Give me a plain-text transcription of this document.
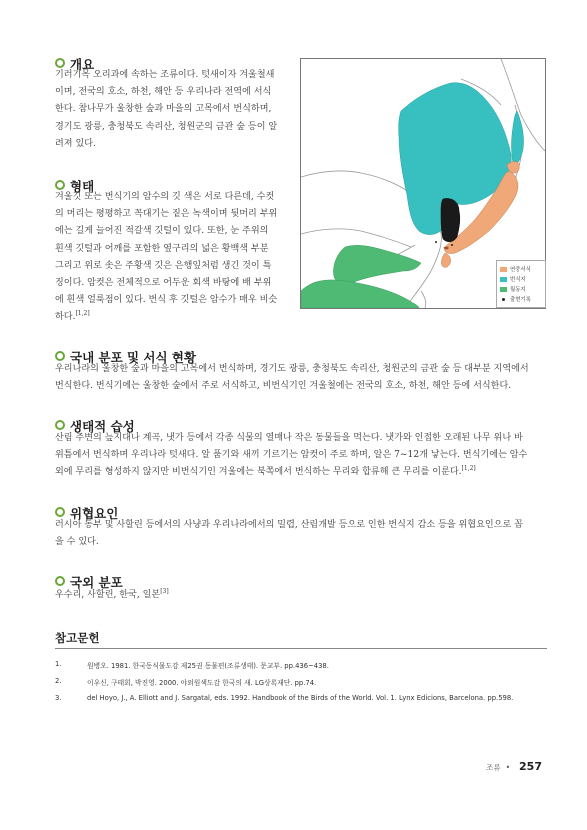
개요
기러기목 오리과에 속하는 조류이다. 텃새이자 겨울철새
이며, 전국의 호소, 하천, 해안 등 우리나라 전역에 서식
한다. 참나무가 울창한 숲과 마을의 고목에서 번식하며,
경기도 광릉, 충청북도 속리산, 청원군의 금관 숲 등이 알
려져 있다.
형태
겨울깃 또는 번식기의 암수의 깃 색은 서로 다른데, 수컷
의 머리는 평평하고 꼭대기는 짙은 녹색이며 뒷머리 부위
에는 길게 늘어진 적갈색 깃털이 있다. 또한, 눈 주위의
흰색 깃털과 어깨를 포함한 옆구리의 넓은 황백색 부분
그리고 위로 솟은 주황색 깃은 은행잎처럼 생긴 것이 특
징이다. 암컷은 전체적으로 어두운 회색 바탕에 배 부위
에 흰색 얼룩점이 있다. 번식 후 깃털은 암수가 매우 비슷
하다.[1,2]
연중서식
번식지
월동지
출현기록
국내 분포 및 서식 현황
우리나라의 울창한 숲과 마을의 고목에서 번식하며, 경기도 광릉, 충청북도 속리산, 청원군의 금관 숲 등 대부분 지역에서
번식한다. 번식기에는 울창한 숲에서 주로 서식하고, 비번식기인 겨울철에는 전국의 호소, 하천, 해안 등에 서식한다.
생태적 습성
산림 주변의 늪지대나 계곡, 냇가 등에서 각종 식물의 열매나 작은 동물들을 먹는다. 냇가와 인접한 오래된 나무 위나 바
위틈에서 번식하며 우리나라 텃새다. 알 품기와 새끼 기르기는 암컷이 주로 하며, 알은 7~12개 낳는다. 번식기에는 암수
외에 무리를 형성하지 않지만 비번식기인 겨울에는 북쪽에서 번식하는 무리와 합류해 큰 무리를 이룬다.[1,2]
위협요인
러시아 동부 및 사할린 등에서의 사냥과 우리나라에서의 밀렵, 산림개발 등으로 인한 번식지 감소 등을 위협요인으로 꼽
을 수 있다.
국외 분포
우수리, 사할린, 한국, 일본[3]
참고문헌
1.	원병오. 1981. 한국동식물도감 제25권 동물편(조류생태). 문교부. pp.436~438.
2.	이우신, 구태회, 박진영. 2000. 야외원색도감 한국의 새. LG상록재단. pp.74.
3.	del Hoyo, J., A. Elliott and J. Sargatal, eds. 1992. Handbook of the Birds of the World. Vol. 1. Lynx Edicions, Barcelona. pp.598.
조류 • 257
